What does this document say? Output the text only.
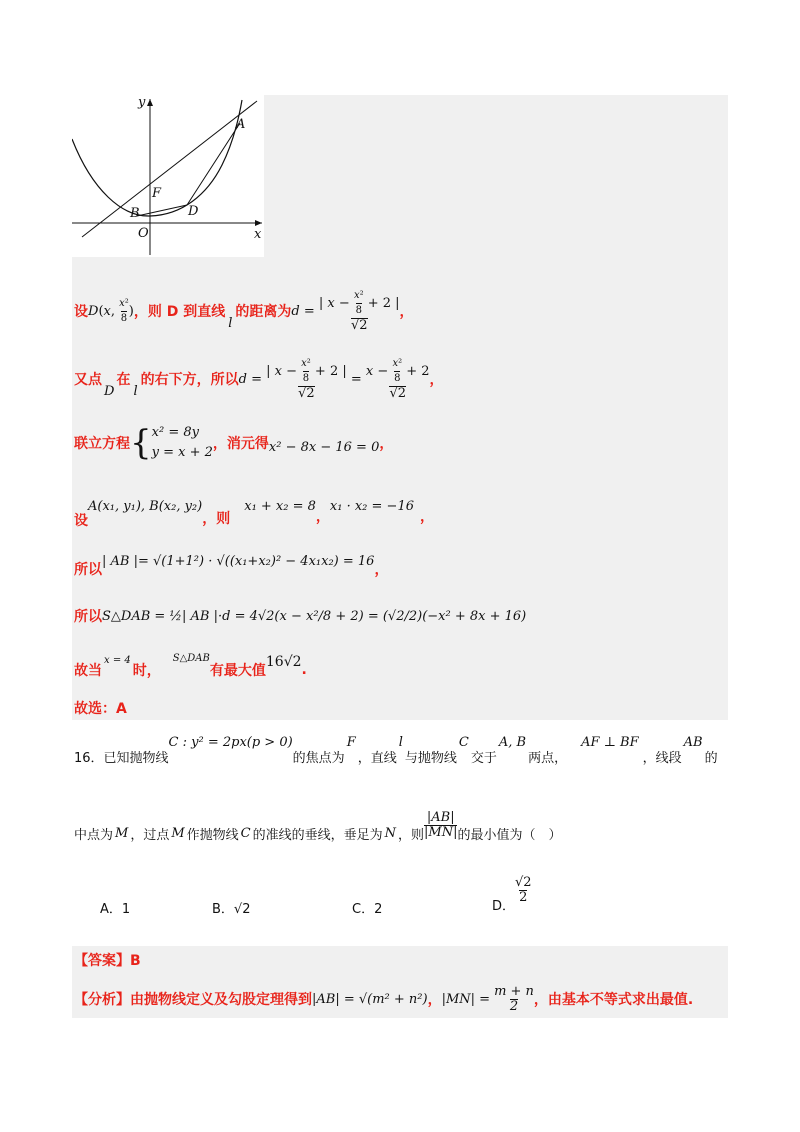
y
x
O
A
B	D
F
设 D ( x , $\frac{\text{x²}}{8}$ ) ，则 D 到直线
l
的距离为 $d = \frac{| x - \frac{\text{x²}}{8} + 2 |}{√2}$ ，
又点
D
在
l
的右下方，所以 $d = \frac{| x - \frac{\text{x²}}{8} + 2 |}{√2} = \frac{x - \frac{\text{x²}}{8} + 2}{√2}$ ，
联立方程 { x² = 8y
y = x + 2
，消元得 x² − 8x − 16 = 0 ，
设
A(x₁, y₁), B(x₂, y₂)
，则
x₁ + x₂ = 8
，
x₁ · x₂ = −16
，
所以
| AB |= √(1+1²) · √((x₁+x₂)² − 4x₁x₂) = 16
，
所以 S△DAB = ½| AB |·d = 4√2(x − x²/8 + 2) = (√2/2)(−x² + 8x + 16)
故当
x = 4
时，
S△DAB
有最大值
16√2 .
故选：A
16．已知抛物线
C : y² = 2px(p > 0)
的焦点为
F
，直线
l
与抛物线
C
交于
A, B
两点，
AF ⊥ BF
，线段
AB
的
中点为 M ，过点 M 作抛物线 C 的准线的垂线，垂足为 N ，则 $\frac{|AB|}{|MN|}$ 的最小值为（　）
A．1	B．√2	C．2	D．
$\frac{√2}{2}$
【答案】B
【分析】由抛物线定义及勾股定理得到 |AB| = √(m² + n²) ， $|MN| = \frac{m + n}{2}$ ，由基本不等式求出最值.
